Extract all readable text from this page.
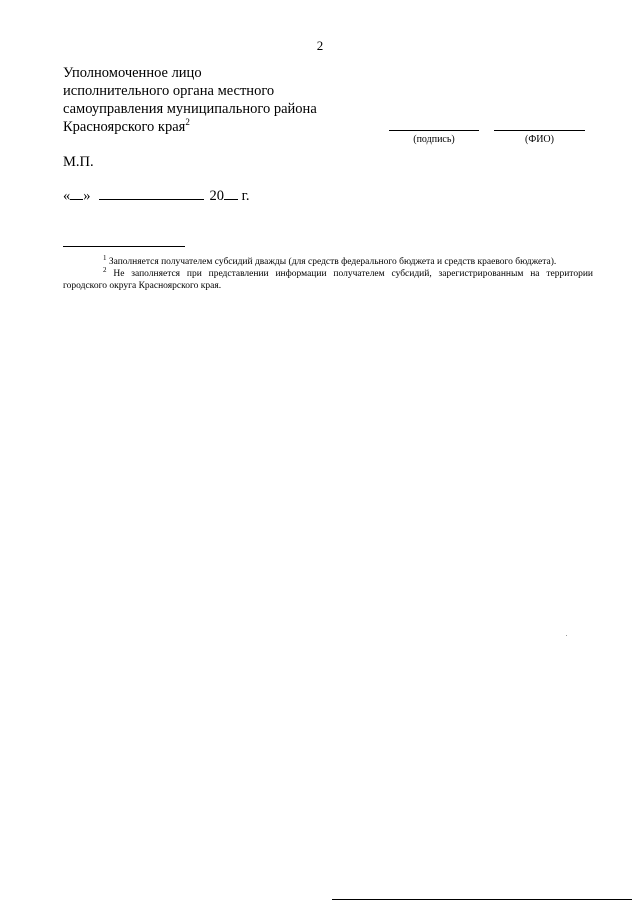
2
Уполномоченное лицо
исполнительного органа местного
самоуправления муниципального района
Красноярского края$^2$
(подпись)	(ФИО)
М.П.
« »	20 г.

$^1$ Заполняется получателем субсидий дважды (для средств федерального бюджета и средств краевого бюджета).

$^2$ Не заполняется при представлении информации получателем субсидий, зарегистрированным на территории городского округа Красноярского края.
